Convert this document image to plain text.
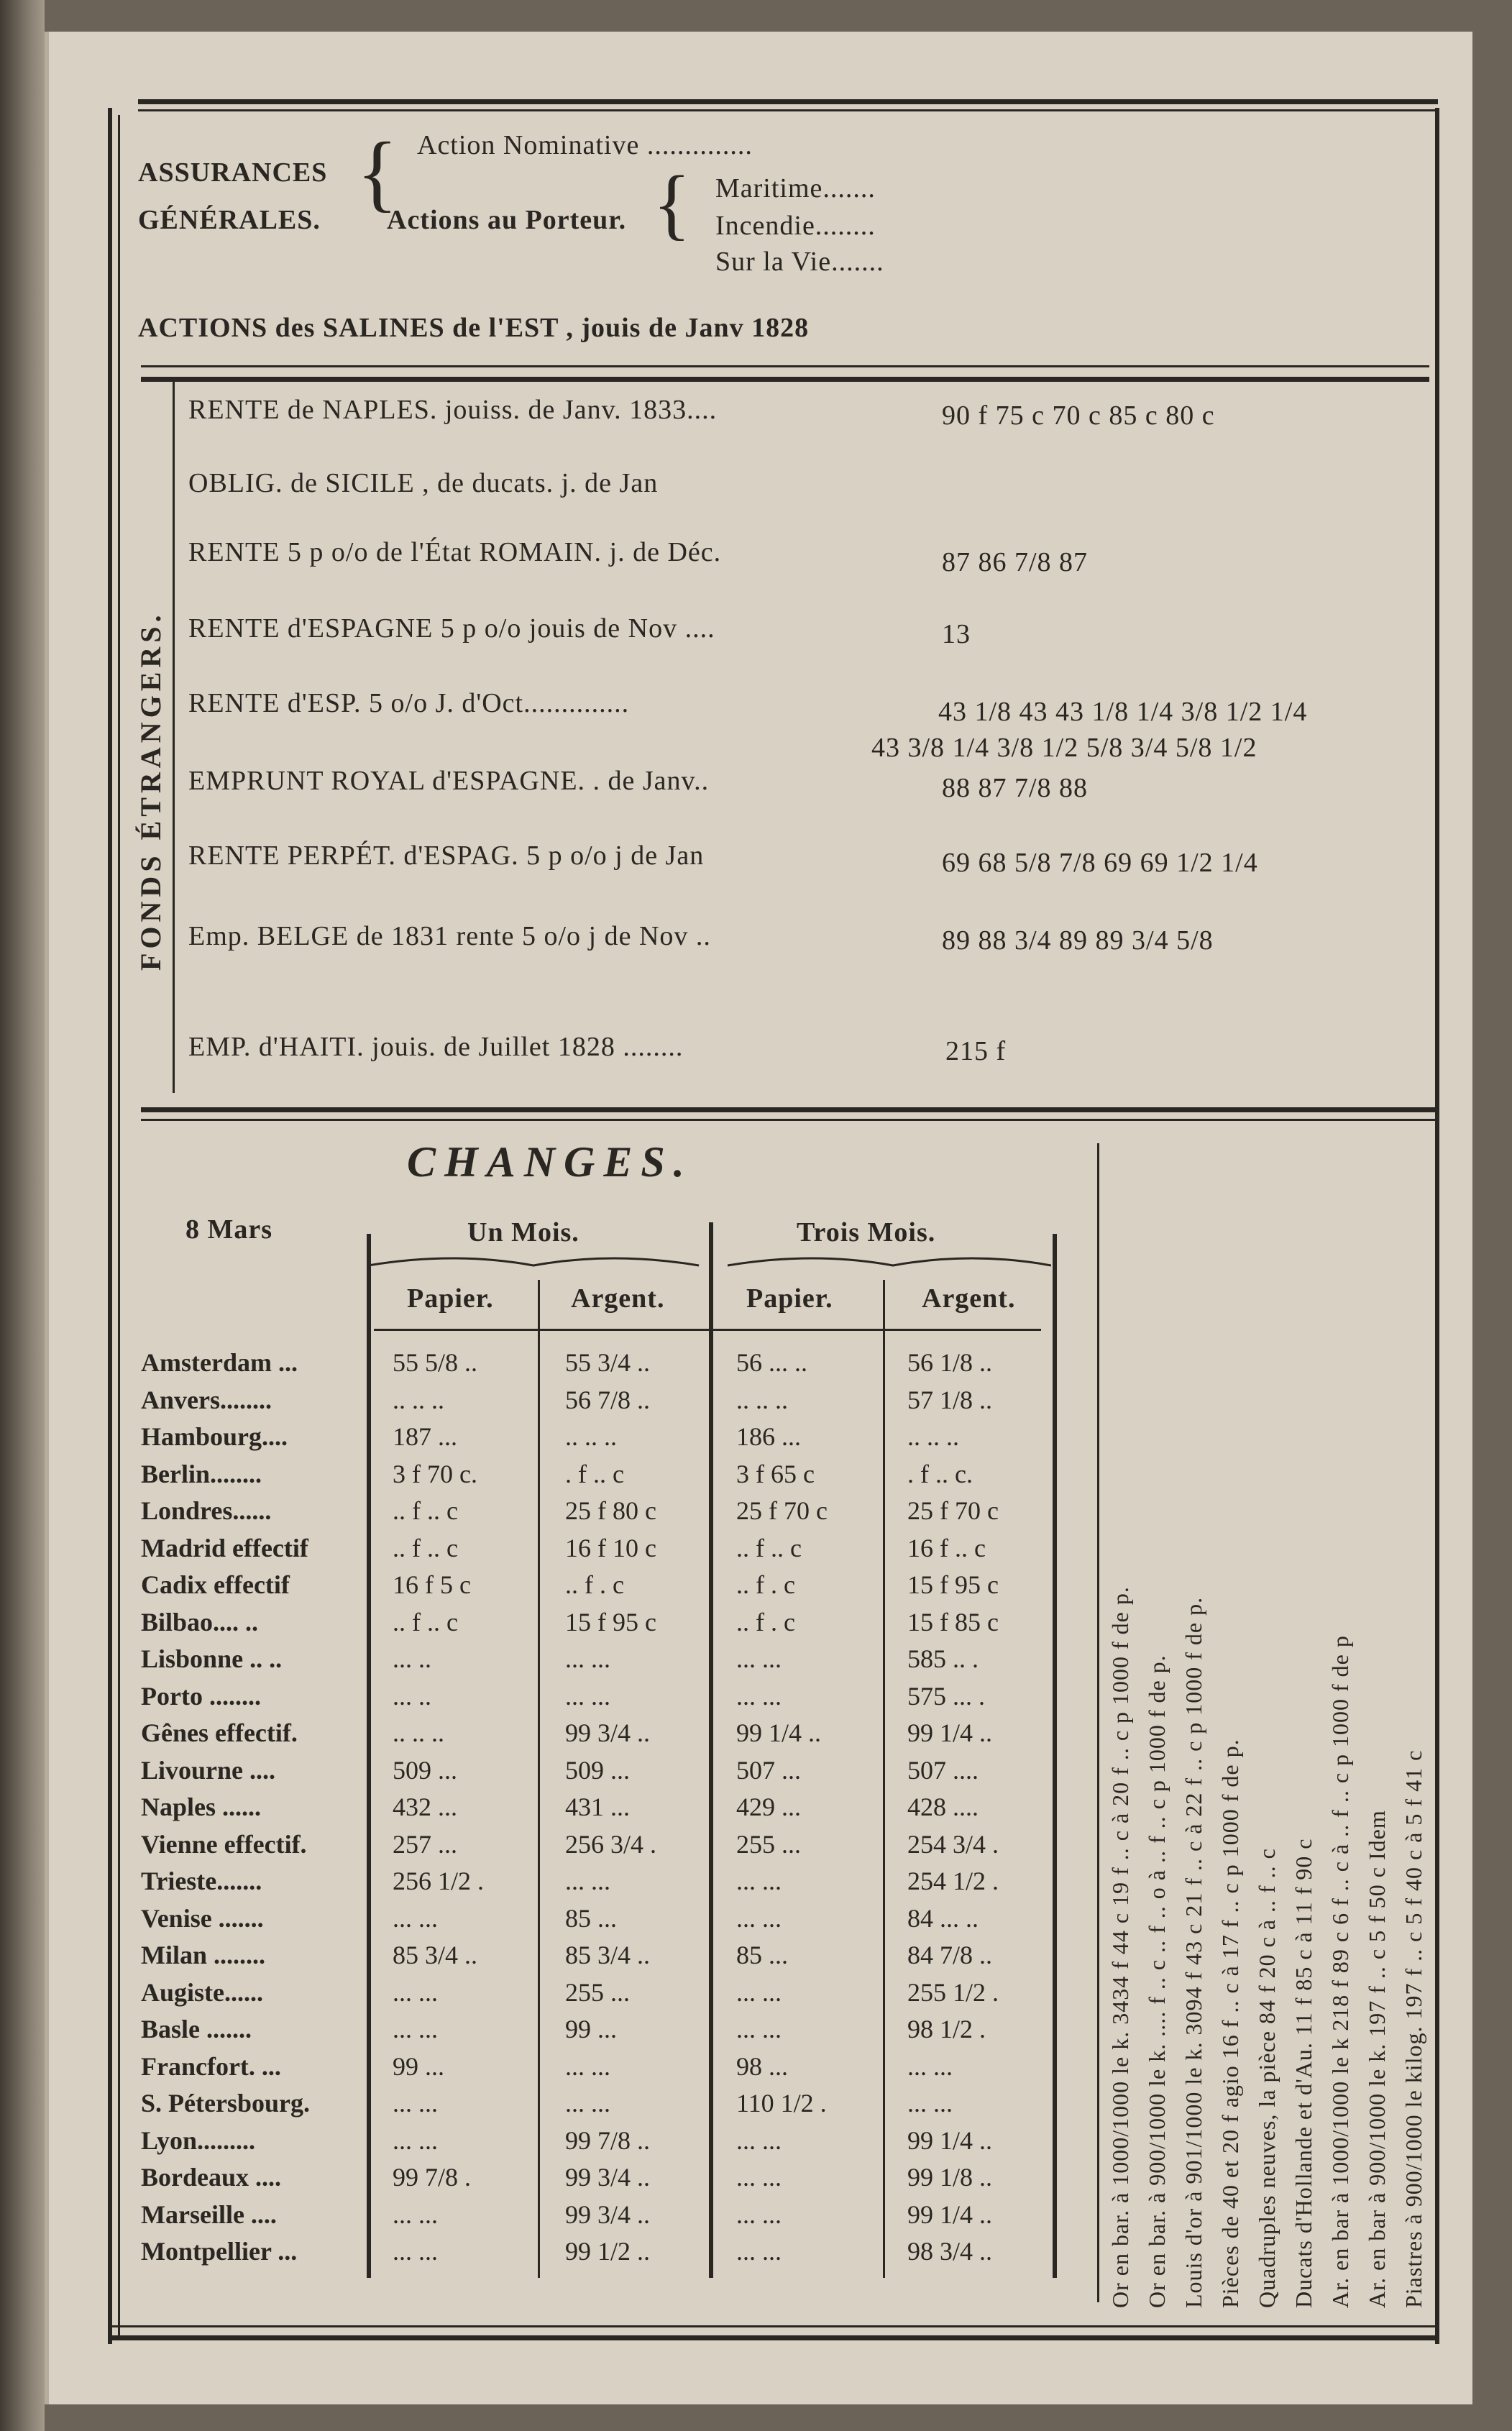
ASSURANCES
GÉNÉRALES. { Action Nominative ..............
Actions au Porteur. { Maritime.......
Incendie........
Sur la Vie.......
ACTIONS des SALINES de l'EST , jouis de Janv 1828
FONDS ÉTRANGERS.
RENTE de NAPLES. jouiss. de Janv. 1833....	90 f 75 c 70 c 85 c 80 c
OBLIG. de SICILE , de ducats. j. de Jan
RENTE 5 p o/o de l'État ROMAIN. j. de Déc.	87 86 7/8 87
RENTE d'ESPAGNE 5 p o/o jouis de Nov ....	13
RENTE d'ESP. 5 o/o J. d'Oct..............	43 1/8 43 43 1/8 1/4 3/8 1/2 1/4
43 3/8 1/4 3/8 1/2 5/8 3/4 5/8 1/2
EMPRUNT ROYAL d'ESPAGNE. . de Janv..	88 87 7/8 88
RENTE PERPÉT. d'ESPAG. 5 p o/o j de Jan	69 68 5/8 7/8 69 69 1/2 1/4
Emp. BELGE de 1831 rente 5 o/o j de Nov ..	89 88 3/4 89 89 3/4 5/8
EMP. d'HAITI. jouis. de Juillet 1828 ........	215 f
CHANGES.
8 Mars	Un Mois.	Trois Mois.
Papier.	Argent.	Papier.	Argent.
Amsterdam ...	55 5/8 ..	55 3/4 ..	56 ... ..	56 1/8 ..
Anvers........	.. .. ..	56 7/8 ..	.. .. ..	57 1/8 ..
Hambourg....	187 ...	.. .. ..	186 ...	.. .. ..
Berlin........	3 f 70 c.	. f .. c	3 f 65 c	. f .. c.
Londres......	.. f .. c	25 f 80 c	25 f 70 c	25 f 70 c
Madrid effectif	.. f .. c	16 f 10 c	.. f .. c	16 f .. c
Cadix effectif	16 f 5 c	.. f . c	.. f . c	15 f 95 c
Bilbao.... ..	.. f .. c	15 f 95 c	.. f . c	15 f 85 c
Lisbonne .. ..	... ..	... ...	... ...	585 .. .
Porto ........	... ..	... ...	... ...	575 ... .
Gênes effectif.	.. .. ..	99 3/4 ..	99 1/4 ..	99 1/4 ..
Livourne ....	509 ...	509 ...	507 ...	507 ....
Naples ......	432 ...	431 ...	429 ...	428 ....
Vienne effectif.	257 ...	256 3/4 .	255 ...	254 3/4 .
Trieste.......	256 1/2 .	... ...	... ...	254 1/2 .
Venise .......	... ...	85 ...	... ...	84 ... ..
Milan ........	85 3/4 ..	85 3/4 ..	85 ...	84 7/8 ..
Augiste......	... ...	255 ...	... ...	255 1/2 .
Basle .......	... ...	99 ...	... ...	98 1/2 .
Francfort. ...	99 ...	... ...	98 ...	... ...
S. Pétersbourg.	... ...	... ...	110 1/2 .	... ...
Lyon.........	... ...	99 7/8 ..	... ...	99 1/4 ..
Bordeaux ....	99 7/8 .	99 3/4 ..	... ...	99 1/8 ..
Marseille ....	... ...	99 3/4 ..	... ...	99 1/4 ..
Montpellier ...	... ...	99 1/2 ..	... ...	98 3/4 ..	Or en bar. à 1000/1000 le k. 3434 f 44 c 19 f .. c à 20 f .. c p 1000 f de p. Or en bar. à 900/1000 le k. .... f .. c .. f .. o à .. f .. c p 1000 f de p. Louis d'or à 901/1000 le k. 3094 f 43 c 21 f .. c à 22 f .. c p 1000 f de p. Pièces de 40 et 20 f agio 16 f .. c à 17 f .. c p 1000 f de p. Quadruples neuves, la pièce 84 f 20 c à .. f .. c Ducats d'Hollande et d'Au. 11 f 85 c à 11 f 90 c Ar. en bar à 1000/1000 le k 218 f 89 c 6 f .. c à .. f .. c p 1000 f de p Ar. en bar à 900/1000 le k. 197 f .. c 5 f 50 c Idem Piastres à 900/1000 le kilog. 197 f .. c 5 f 40 c à 5 f 41 c
